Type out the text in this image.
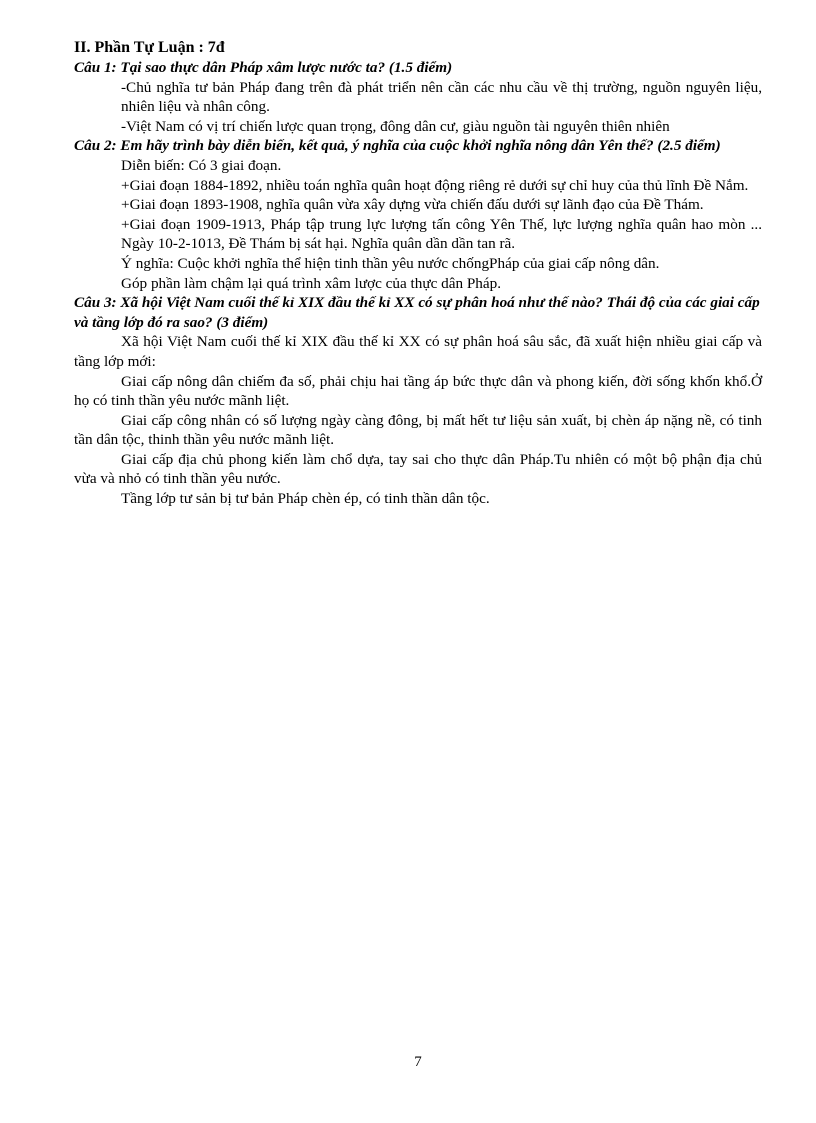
II. Phần Tự Luận : 7đ

Câu 1: Tại sao thực dân Pháp xâm lược nước ta? (1.5 điểm)

-Chủ nghĩa tư bản Pháp đang trên đà phát triển nên cần các nhu cầu về thị trường, nguồn nguyên liệu, nhiên liệu và nhân công.

-Việt Nam có vị trí chiến lược quan trọng, đông dân cư, giàu nguồn tài nguyên thiên nhiên

Câu 2: Em hãy trình bày diễn biến, kết quả, ý nghĩa của cuộc khởi nghĩa nông dân Yên thế? (2.5 điểm)

Diễn biến: Có 3 giai đoạn.

+Giai đoạn 1884-1892, nhiều toán nghĩa quân hoạt động riêng rẻ dưới sự chỉ huy của thủ lĩnh Đề Nắm.

+Giai đoạn 1893-1908, nghĩa quân vừa xây dựng vừa chiến đấu dưới sự lãnh đạo của Đề Thám.

+Giai đoạn 1909-1913, Pháp tập trung lực lượng tấn công Yên Thế, lực lượng nghĩa quân hao mòn ... Ngày 10-2-1013, Đề Thám bị sát hại. Nghĩa quân dần dần tan rã.

Ý nghĩa: Cuộc khởi nghĩa thể hiện tinh thần yêu nước chốngPháp của giai cấp nông dân.

Góp phần làm chậm lại quá trình xâm lược của thực dân Pháp.

Câu 3: Xã hội Việt Nam cuối thế kỉ XIX đầu thế kỉ XX có sự phân hoá như thế nào? Thái độ của các giai cấp và tầng lớp đó ra sao? (3 điểm)

Xã hội Việt Nam cuối thế kỉ XIX đầu thế kỉ XX có sự phân hoá sâu sắc, đã xuất hiện nhiều giai cấp và tầng lớp mới:

Giai cấp nông dân chiếm đa số, phải chịu hai tầng áp bức thực dân và phong kiến, đời sống khốn khổ.Ở họ có tinh thần yêu nước mãnh liệt.

Giai cấp công nhân có số lượng ngày càng đông, bị mất hết tư liệu sản xuất, bị chèn áp nặng nề, có tinh tần dân tộc, thinh thần yêu nước mãnh liệt.

Giai cấp địa chủ phong kiến làm chổ dựa, tay sai cho thực dân Pháp.Tu nhiên có một bộ phận địa chủ vừa và nhỏ có tinh thần yêu nước.

Tầng lớp tư sản bị tư bản Pháp chèn ép, có tinh thần dân tộc.

7
